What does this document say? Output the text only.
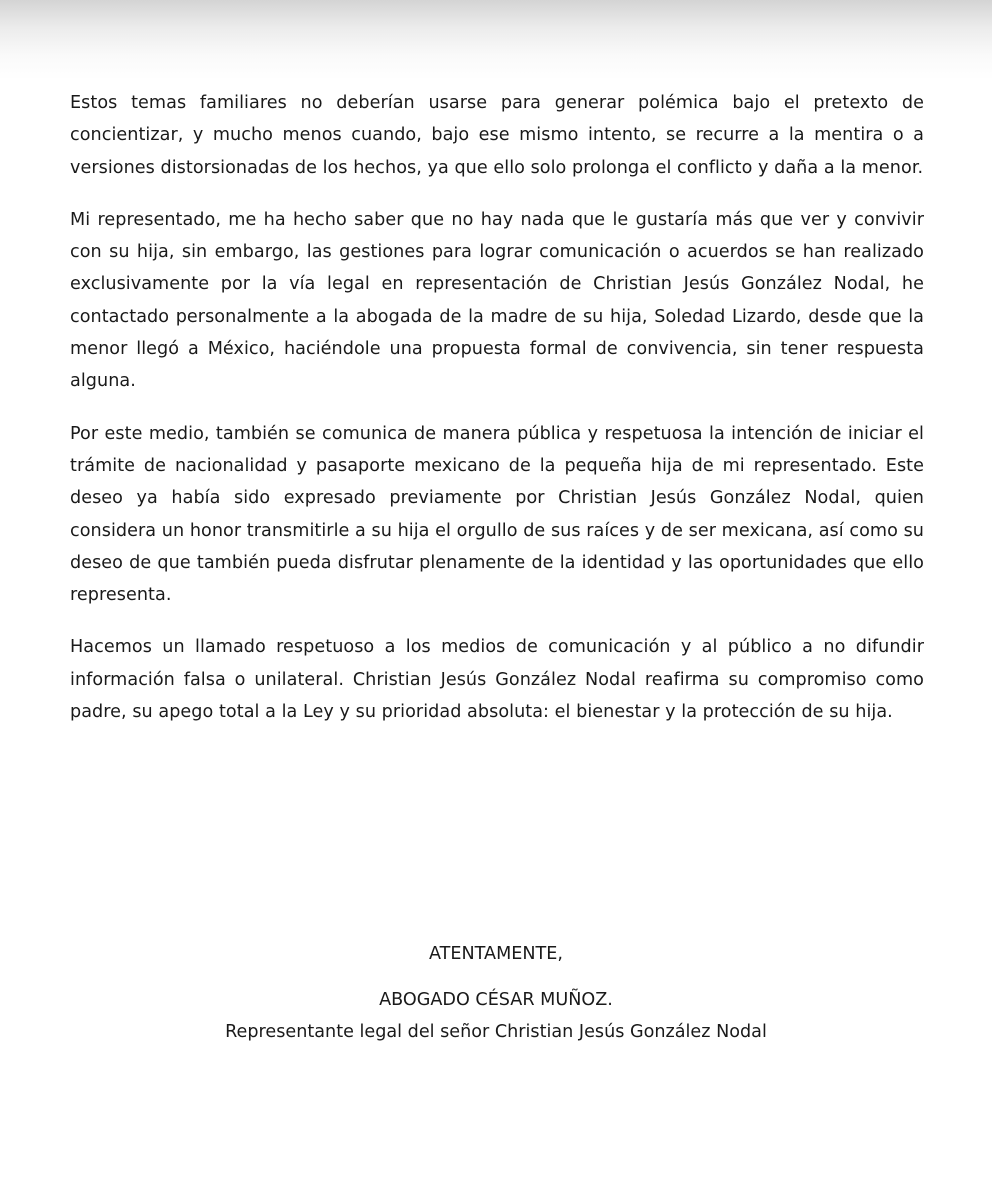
Estos temas familiares no deberían usarse para generar polémica bajo el pretexto de concientizar, y mucho menos cuando, bajo ese mismo intento, se recurre a la mentira o a versiones distorsionadas de los hechos, ya que ello solo prolonga el conflicto y daña a la menor.

Mi representado, me ha hecho saber que no hay nada que le gustaría más que ver y convivir con su hija, sin embargo, las gestiones para lograr comunicación o acuerdos se han realizado exclusivamente por la vía legal en representación de Christian Jesús González Nodal, he contactado personalmente a la abogada de la madre de su hija, Soledad Lizardo, desde que la menor llegó a México, haciéndole una propuesta formal de convivencia, sin tener respuesta alguna.

Por este medio, también se comunica de manera pública y respetuosa la intención de iniciar el trámite de nacionalidad y pasaporte mexicano de la pequeña hija de mi representado. Este deseo ya había sido expresado previamente por Christian Jesús González Nodal, quien considera un honor transmitirle a su hija el orgullo de sus raíces y de ser mexicana, así como su deseo de que también pueda disfrutar plenamente de la identidad y las oportunidades que ello representa.

Hacemos un llamado respetuoso a los medios de comunicación y al público a no difundir información falsa o unilateral. Christian Jesús González Nodal reafirma su compromiso como padre, su apego total a la Ley y su prioridad absoluta: el bienestar y la protección de su hija.

ATENTAMENTE,
ABOGADO CÉSAR MUÑOZ.
Representante legal del señor Christian Jesús González Nodal
